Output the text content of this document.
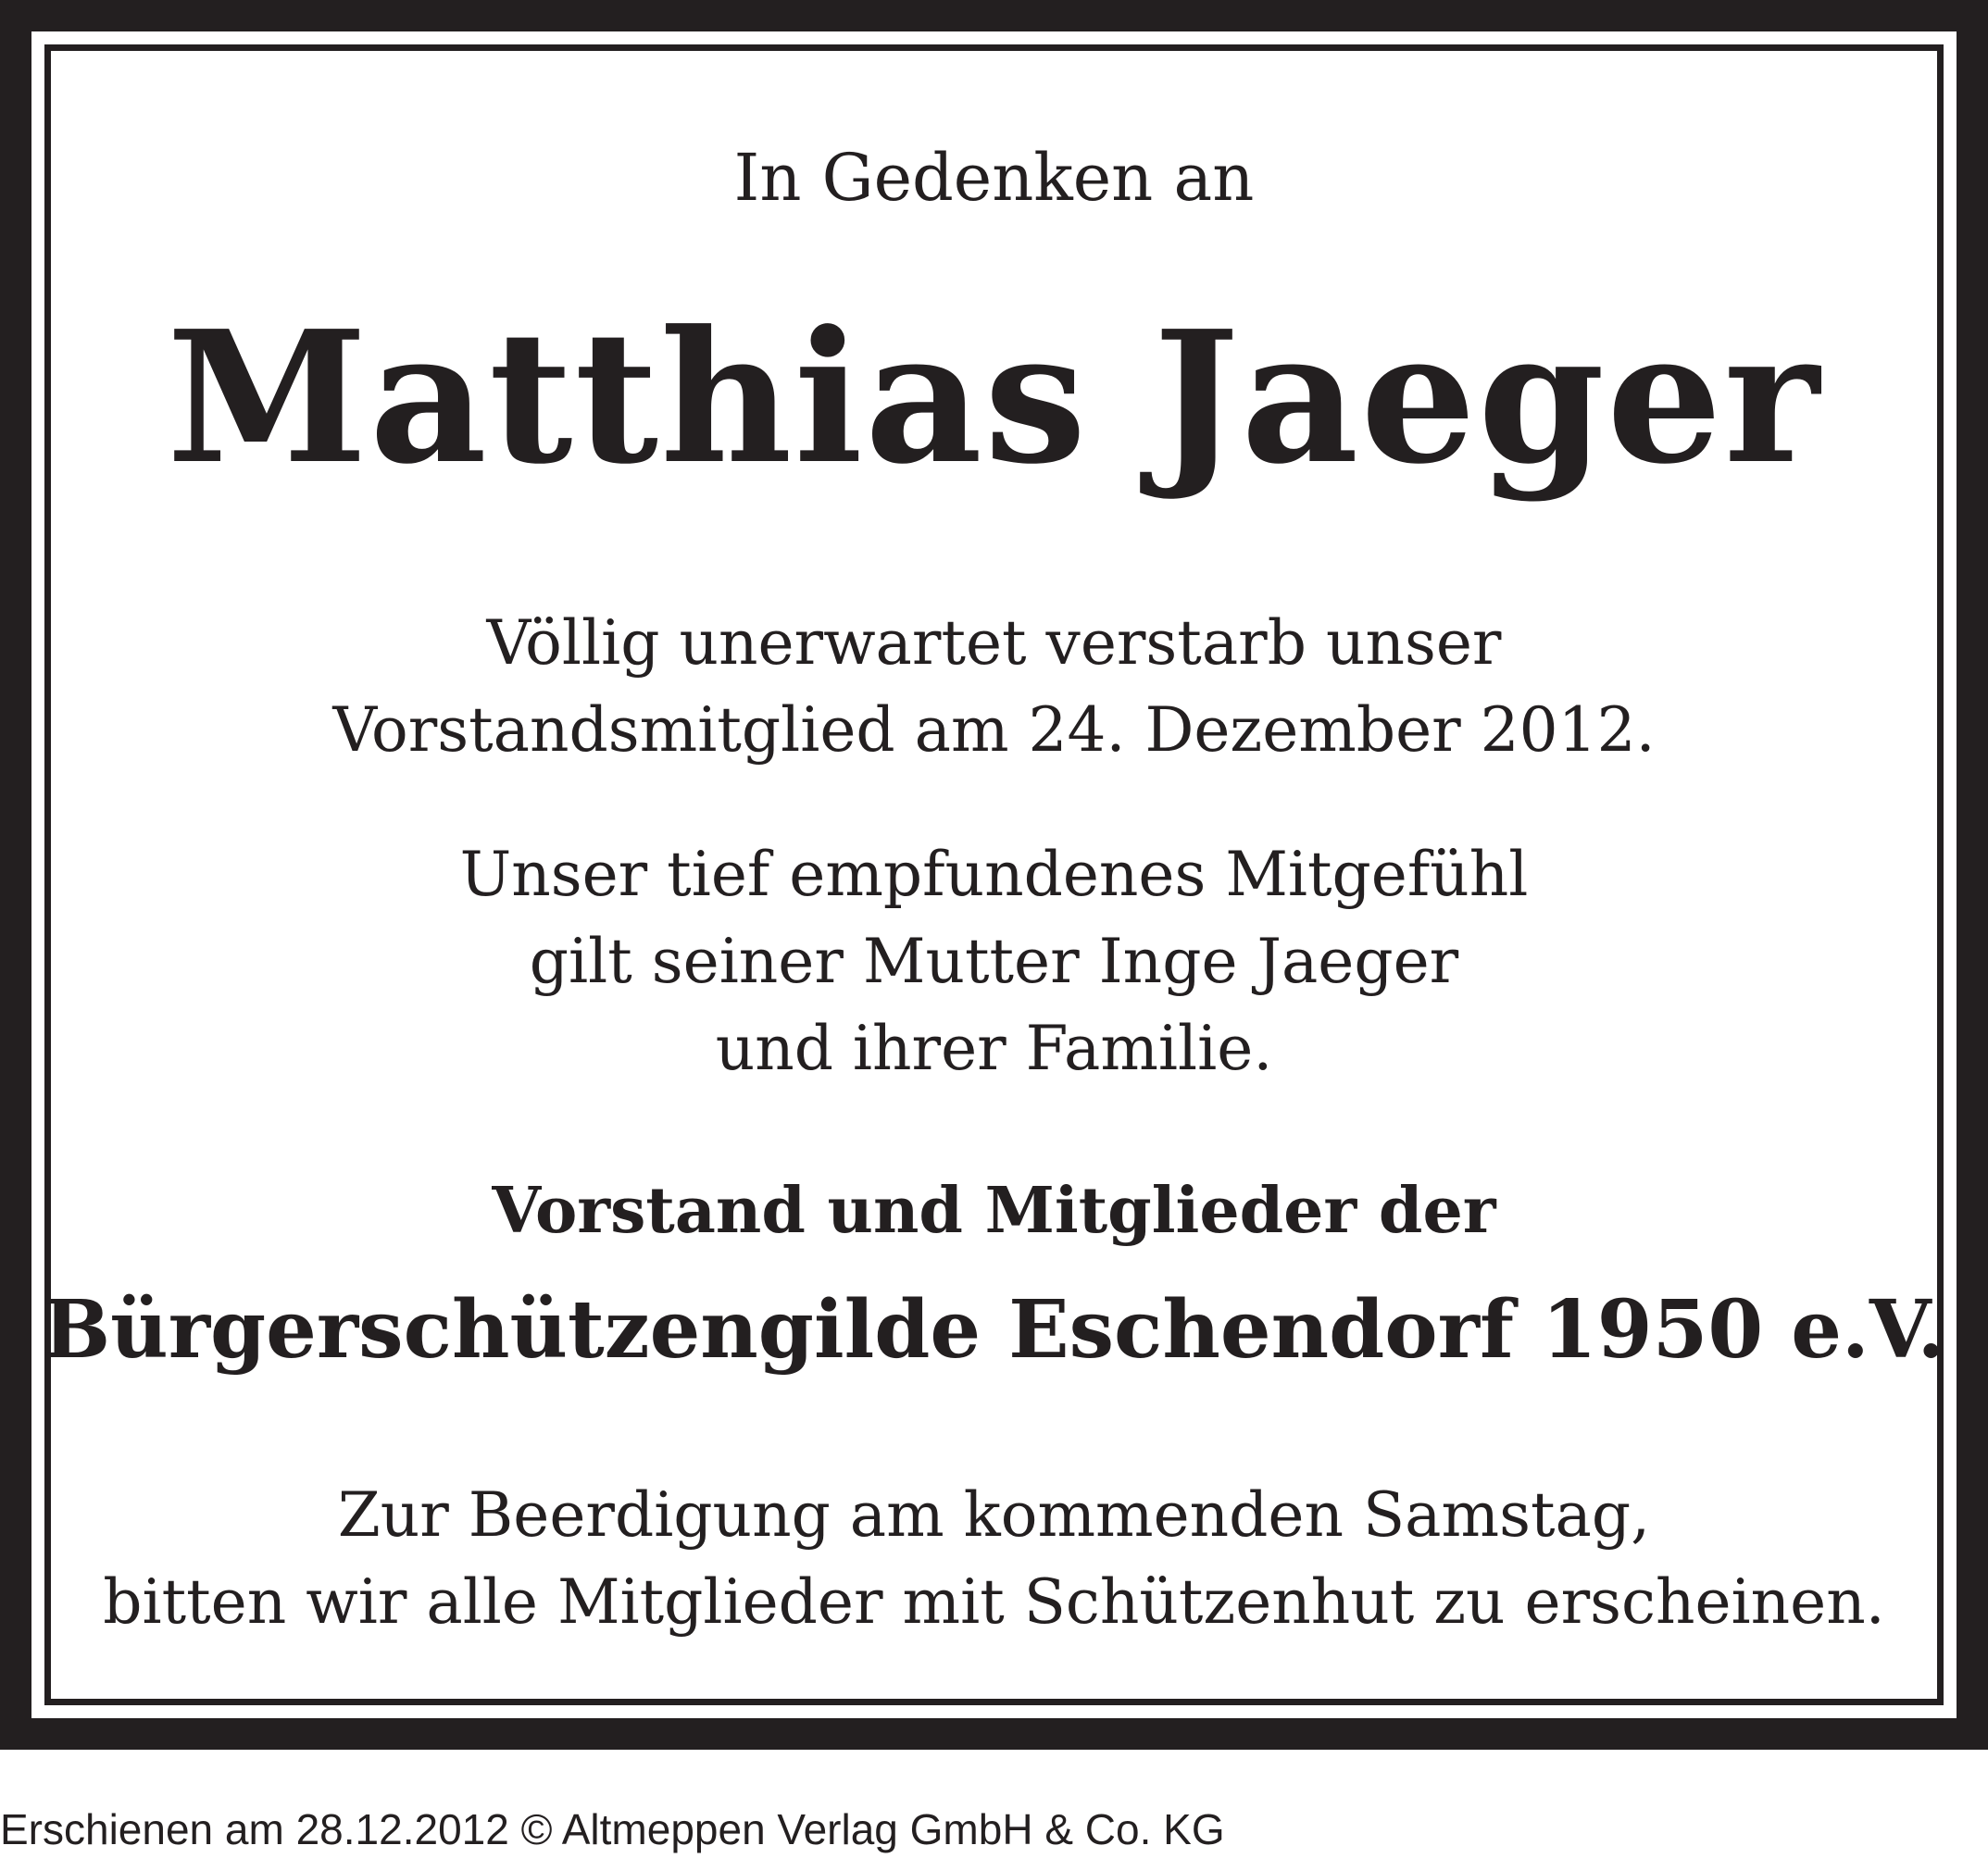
In Gedenken an
Matthias Jaeger
Völlig unerwartet verstarb unser
Vorstandsmitglied am 24. Dezember 2012.
Unser tief empfundenes Mitgefühl
gilt seiner Mutter Inge Jaeger
und ihrer Familie.
Vorstand und Mitglieder der
Bürgerschützengilde Eschendorf 1950 e.V.
Zur Beerdigung am kommenden Samstag,
bitten wir alle Mitglieder mit Schützenhut zu erscheinen.
Erschienen am 28.12.2012 © Altmeppen Verlag GmbH & Co. KG
